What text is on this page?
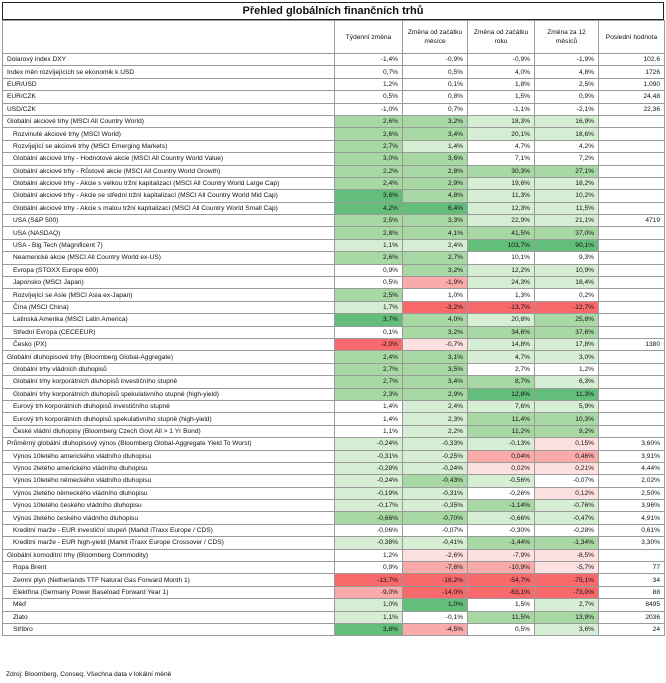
Přehled globálních finančních trhů
	Týdenní změna	Změna od začátku měsíce	Změna od začátku roku	Změna za 12 měsíců	Poslední hodnota
Dolarový index DXY	-1,4%	-0,9%	-0,9%	-1,9%	102,6
Index měn rozvíjejících se ekonomik k USD	0,7%	0,5%	4,0%	4,8%	1726
EUR/USD	1,2%	0,1%	1,8%	2,5%	1,090
EUR/CZK	0,5%	0,8%	1,5%	0,9%	24,48
USD/CZK	-1,0%	0,7%	-1,1%	-2,1%	22,36
Globální akciové trhy (MSCI All Country World)	2,6%	3,2%	18,3%	16,9%	
Rozvinuté akciové trhy (MSCI World)	2,6%	3,4%	20,1%	18,6%	
Rozvíjející se akciové trhy (MSCI Emerging Markets)	2,7%	1,4%	4,7%	4,2%	
Globální akciové trhy - Hodnotové akcie (MSCI All Country World Value)	3,0%	3,6%	7,1%	7,2%	
Globální akciové trhy - Růstové akcie (MSCI All Country World Growth)	2,2%	2,8%	30,3%	27,1%	
Globální akciové trhy - Akcie s velkou tržní kapitalizací (MSCI All Country World Large Cap)	2,4%	2,9%	19,6%	18,2%	
Globální akciové trhy - Akcie se střední tržní kapitalizací (MSCI All Country World Mid Cap)	3,6%	4,8%	11,3%	10,2%	
Globální akciové trhy - Akcie s malou tržní kapitalizací (MSCI All Country World Small Cap)	4,2%	6,4%	12,3%	11,5%	
USA (S&P 500)	2,5%	3,3%	22,9%	21,1%	4719
USA (NASDAQ)	2,8%	4,1%	41,5%	37,0%	
USA - Big Tech (Magnificent 7)	1,1%	2,4%	103,7%	90,1%	
Neamerické akcie (MSCI All Country World ex-US)	2,6%	2,7%	10,1%	9,3%	
Evropa (STOXX Europe 600)	0,9%	3,2%	12,2%	10,9%	
Japonsko (MSCI Japan)	0,5%	-1,9%	24,3%	18,4%	
Rozvíjející se Asie (MSCI Asia ex-Japan)	2,5%	1,0%	1,3%	0,2%	
Čína (MSCI China)	1,7%	-3,2%	-13,7%	-12,7%	
Latinská Amerika (MSCI Latin America)	3,7%	4,0%	20,8%	25,8%	
Střední Evropa (CECEEUR)	0,1%	3,2%	34,6%	37,6%	
Česko (PX)	-2,0%	-0,7%	14,8%	17,8%	1380
Globální dluhopisové trhy (Bloomberg Global-Aggregate)	2,4%	3,1%	4,7%	3,0%	
Globální trhy vládních dluhopisů	2,7%	3,5%	2,7%	1,2%	
Globální trhy korporátních dluhopisů investičního stupně	2,7%	3,4%	8,7%	6,3%	
Globální trhy korporátních dluhopisů spekulativního stupně (high-yield)	2,3%	2,9%	12,8%	11,3%	
Eurový trh korporátních dluhopisů investičního stupně	1,4%	2,4%	7,6%	5,9%	
Eurový trh korporátních dluhopisů spekulativního stupně (high-yield)	1,4%	2,3%	11,4%	10,3%	
České vládní dluhopisy (Bloomberg Czech Govt All > 1 Yr Bond)	1,1%	2,2%	11,2%	9,2%	
Průměrný globální dluhopisový výnos (Bloomberg Global-Aggregate Yield To Worst)	-0,24%	-0,33%	-0,13%	0,15%	3,60%
Výnos 10letého amerického vládního dluhopisu	-0,31%	-0,25%	0,04%	0,46%	3,91%
Výnos 2letého amerického vládního dluhopisu	-0,28%	-0,24%	0,02%	0,21%	4,44%
Výnos 10letého německého vládního dluhopisu	-0,24%	-0,43%	-0,56%	-0,07%	2,02%
Výnos 2letého německého vládního dluhopisu	-0,19%	-0,31%	-0,26%	0,12%	2,50%
Výnos 10letého českého vládního dluhopisu	-0,17%	-0,35%	-1,14%	-0,76%	3,96%
Výnos 2letého českého vládního dluhopisu	-0,66%	-0,70%	-0,66%	-0,47%	4,91%
Kreditní marže - EUR investiční stupeň (Markit iTraxx Europe / CDS)	-0,06%	-0,07%	-0,30%	-0,28%	0,61%
Kreditní marže - EUR high-yield (Markit iTraxx Europe Crossover / CDS)	-0,38%	-0,41%	-1,44%	-1,34%	3,30%
Globální komoditní trhy (Bloomberg Commodity)	1,2%	-2,6%	-7,9%	-8,5%	
Ropa Brent	0,9%	-7,6%	-10,9%	-5,7%	77
Zemní plyn (Netherlands TTF Natural Gas Forward Month 1)	-13,7%	-18,2%	-54,7%	-75,1%	34
Elektřina (Germany Power Baseload Forward Year 1)	-9,0%	-14,0%	-63,1%	-73,0%	88
Měď	1,0%	1,0%	1,5%	2,7%	8495
Zlato	1,1%	-0,1%	11,5%	13,9%	2036
Stříbro	3,8%	-4,5%	0,5%	3,6%	24
Zdroj: Bloomberg, Conseq; Všechna data v lokální měně
